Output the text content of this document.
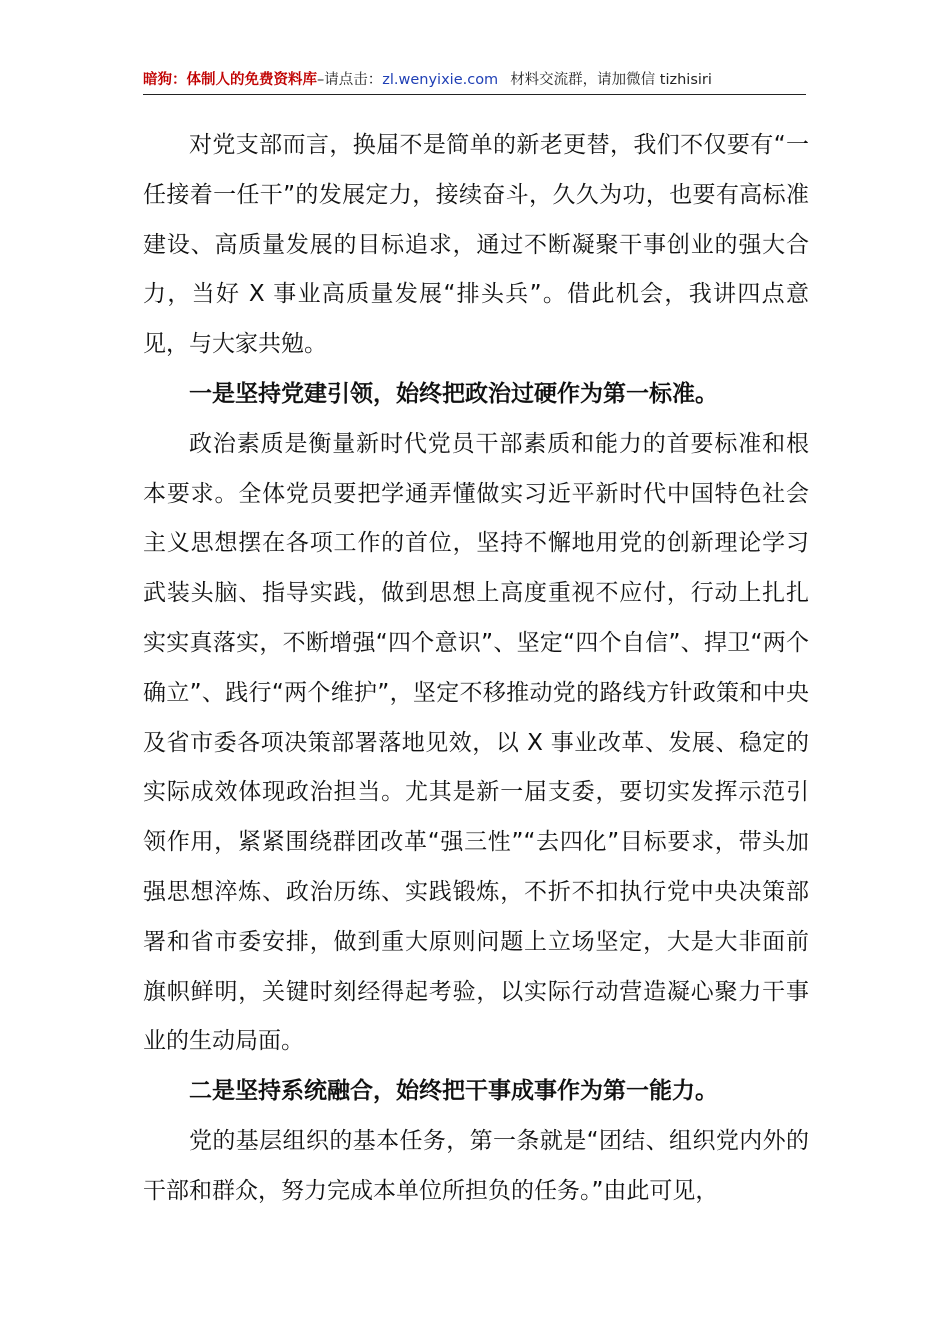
暗狗：体制人的免费资料库–请点击：zl.wenyixie.com 材料交流群，请加微信 tizhisiri

对党支部而言，换届不是简单的新老更替，我们不仅要有“一任接着一任干”的发展定力，接续奋斗，久久为功，也要有高标准建设、高质量发展的目标追求，通过不断凝聚干事创业的强大合力，当好 X 事业高质量发展“排头兵”。借此机会，我讲四点意见，与大家共勉。

一是坚持党建引领，始终把政治过硬作为第一标准。

政治素质是衡量新时代党员干部素质和能力的首要标准和根本要求。全体党员要把学通弄懂做实习近平新时代中国特色社会主义思想摆在各项工作的首位，坚持不懈地用党的创新理论学习武装头脑、指导实践，做到思想上高度重视不应付，行动上扎扎实实真落实，不断增强“四个意识”、坚定“四个自信”、捍卫“两个确立”、践行“两个维护”，坚定不移推动党的路线方针政策和中央及省市委各项决策部署落地见效，以 X 事业改革、发展、稳定的实际成效体现政治担当。尤其是新一届支委，要切实发挥示范引领作用，紧紧围绕群团改革“强三性”“去四化”目标要求，带头加强思想淬炼、政治历练、实践锻炼，不折不扣执行党中央决策部署和省市委安排，做到重大原则问题上立场坚定，大是大非面前旗帜鲜明，关键时刻经得起考验，以实际行动营造凝心聚力干事业的生动局面。

二是坚持系统融合，始终把干事成事作为第一能力。

党的基层组织的基本任务，第一条就是“团结、组织党内外的干部和群众，努力完成本单位所担负的任务。”由此可见，
